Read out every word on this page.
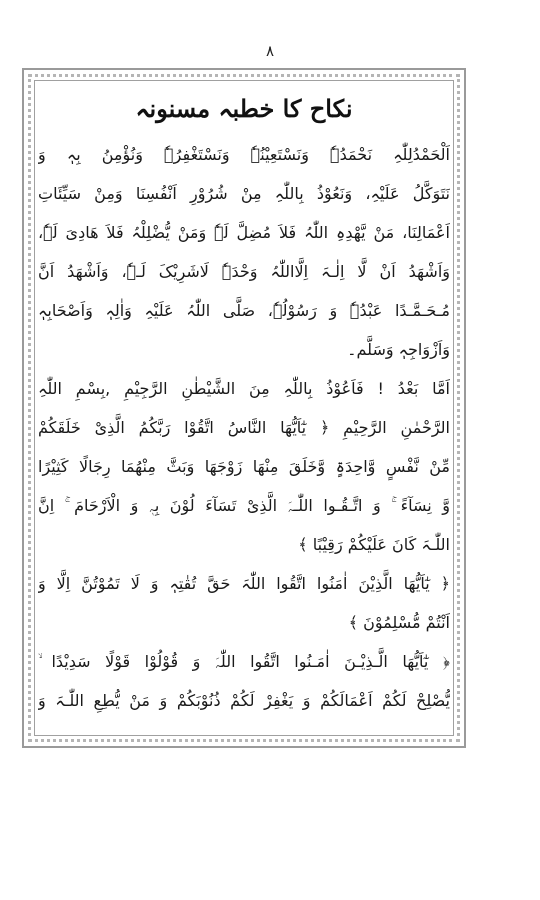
۸
نکاح کا خطبہ مسنونہ
اَلْحَمْدُلِلّٰہِ نَحْمَدُہٗ وَنَسْتَعِیْنُہٗ وَنَسْتَغْفِرُہٗ وَنُؤْمِنُ بِہٖ وَ
نَتَوَکَّلُ عَلَیْہِ، وَنَعُوْذُ بِاللّٰہِ مِنْ شُرُوْرِ اَنْفُسِنَا وَمِنْ سَیِّئَاتِ
اَعْمَالِنَا، مَنْ یَّھْدِہِ اللّٰہُ فَلاَ مُضِلَّ لَہٗ وَمَنْ یُّضْلِلْہُ فَلاَ ھَادِیَ لَہٗ،
وَاَشْھَدُ اَنْ لَّا اِلٰـہَ اِلَّااللّٰہُ وَحْدَہٗ لَاشَرِیْکَ لَـہٗ، وَاَشْھَدُ اَنَّ
مُـحَـمَّـدًا عَبْدُہٗ وَ رَسُوْلُہٗ، صَلَّی اللّٰہُ عَلَیْہِ وَاٰلِہٖ وَاَصْحَابِہٖ
وَاَزْوَاجِہٖ وَسَلَّم۔
اَمَّا بَعْدُ ! فَاَعُوْذُ بِاللّٰہِ مِنَ الشَّیْطٰنِ الرَّجِیْمِ ,بِسْمِ اللّٰہِ
الرَّحْمٰنِ الرَّحِیْمِ ﴿ یٰٓاَیُّھَا النَّاسُ اتَّقُوْا رَبَّکُمُ الَّذِیْ خَلَقَکُمْ
مِّنْ نَّفْسٍ وَّاحِدَۃٍ وَّخَلَقَ مِنْھَا زَوْجَھَا وَبَثَّ مِنْھُمَا رِجَالًا کَثِیْرًا
وَّ نِسَآءً ۚ وَ اتَّـقُـوا اللّٰـہَ الَّذِیْ تَسَآءَ لُوْنَ بِہٖ وَ الْاَرْحَامَ ۚ اِنَّ
اللّٰـہَ کَانَ عَلَیْکُمْ رَقِیْبًا ﴾
﴿ یٰٓاَیُّھَا الَّذِیْنَ اٰمَنُوا اتَّقُوا اللّٰہَ حَقَّ تُقٰتِہٖ وَ لَا تَمُوْتُنَّ اِلَّا وَ
اَنْتُمْ مُّسْلِمُوْنَ ﴾
﴿ یٰٓاَیُّھَا الَّـذِیْـنَ اٰمَـنُوا اتَّقُوا اللّٰہَ وَ قُوْلُوْا قَوْلًا سَدِیْدًا ۙ
یُّصْلِحْ لَکُمْ اَعْمَالَکُمْ وَ یَغْفِرْ لَکُمْ ذُنُوْبَکُمْ وَ مَنْ یُّطِعِ اللّٰـہَ وَ
